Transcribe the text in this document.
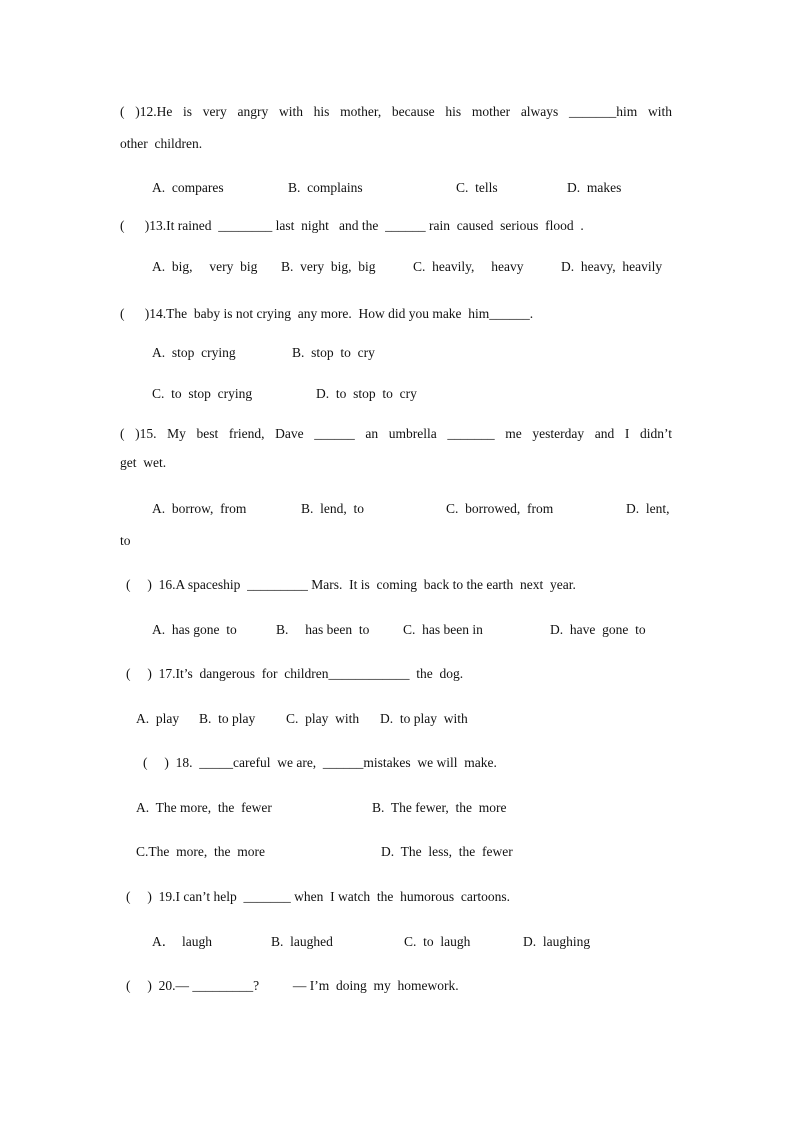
( )12.He is very angry with his mother, because his mother always _______him with
other  children.
A.  compares	B.  complains	C.  tells	D.  makes
(      )13.It rained  ________ last  night   and the  ______ rain  caused  serious  flood  .
A.  big,     very  big B.  very  big,  big	C.  heavily,     heavy	D.  heavy,  heavily
(      )14.The  baby is not crying  any more.  How did you make  him______.
A.  stop  crying	B.  stop  to  cry
C.  to  stop  crying	D.  to  stop  to  cry
( )15. My best friend, Dave ______ an umbrella _______ me yesterday and I didn’t
get  wet.
A.  borrow,  from	B.  lend,  to	C.  borrowed,  from	D.  lent,
to
(     )  16.A spaceship  _________ Mars.  It is  coming  back to the earth  next  year.
A.  has gone  to	B.     has been  to C.  has been in	D.  have  gone  to
(     )  17.It’s  dangerous  for  children____________  the  dog.
A.  play B.  to play C.  play  with D.  to play  with
(     )  18.  _____careful  we are,  ______mistakes  we will  make.
A.  The more,  the  fewer	B.  The fewer,  the  more
C.The  more,  the  more	D.  The  less,  the  fewer
(     )  19.I can’t help  _______ when  I watch  the  humorous  cartoons.
A．  laugh	B.  laughed	C.  to  laugh	D.  laughing
(     )  20.— _________?          — I’m  doing  my  homework.
